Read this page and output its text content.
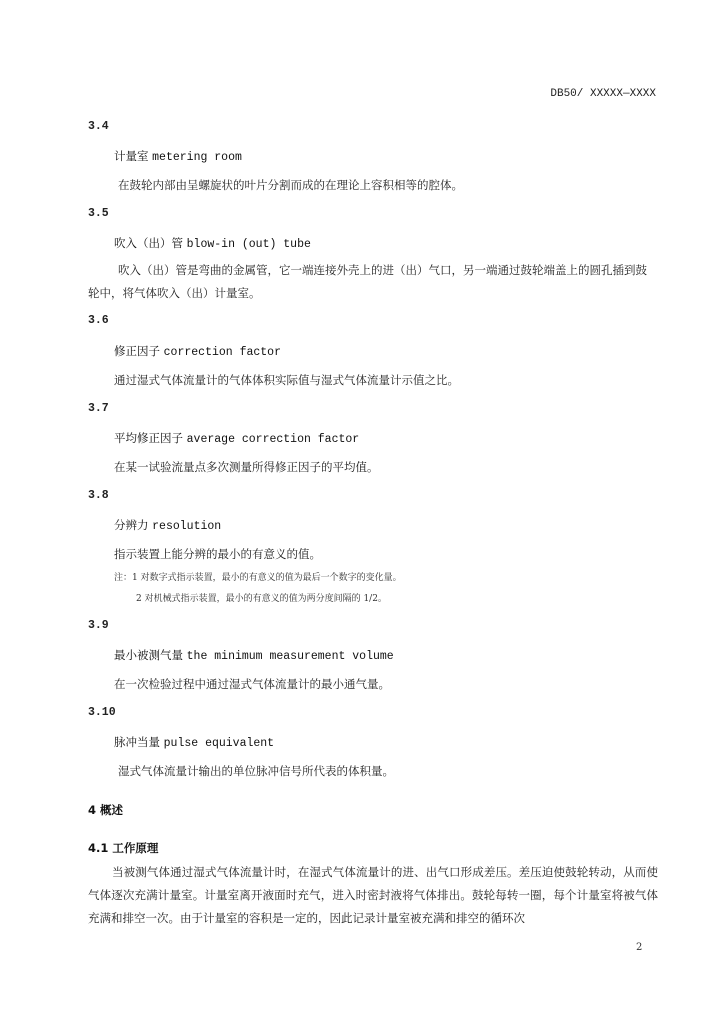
DB50/ XXXXX—XXXX
3.4
计量室 metering room
在鼓轮内部由呈螺旋状的叶片分割而成的在理论上容积相等的腔体。
3.5
吹入（出）管 blow-in (out) tube
吹入（出）管是弯曲的金属管，它一端连接外壳上的进（出）气口，另一端通过鼓轮端盖上的圆孔插到鼓轮中，将气体吹入（出）计量室。
3.6
修正因子 correction factor
通过湿式气体流量计的气体体积实际值与湿式气体流量计示值之比。
3.7
平均修正因子 average correction factor
在某一试验流量点多次测量所得修正因子的平均值。
3.8
分辨力 resolution
指示装置上能分辨的最小的有意义的值。
注：1 对数字式指示装置，最小的有意义的值为最后一个数字的变化量。
2 对机械式指示装置，最小的有意义的值为两分度间隔的 1/2。
3.9
最小被测气量 the minimum measurement volume
在一次检验过程中通过湿式气体流量计的最小通气量。
3.10
脉冲当量 pulse equivalent
湿式气体流量计输出的单位脉冲信号所代表的体积量。
4 概述
4.1 工作原理
当被测气体通过湿式气体流量计时，在湿式气体流量计的进、出气口形成差压。差压迫使鼓轮转动，从而使气体逐次充满计量室。计量室离开液面时充气，进入时密封液将气体排出。鼓轮每转一圈，每个计量室将被气体充满和排空一次。由于计量室的容积是一定的，因此记录计量室被充满和排空的循环次
2
